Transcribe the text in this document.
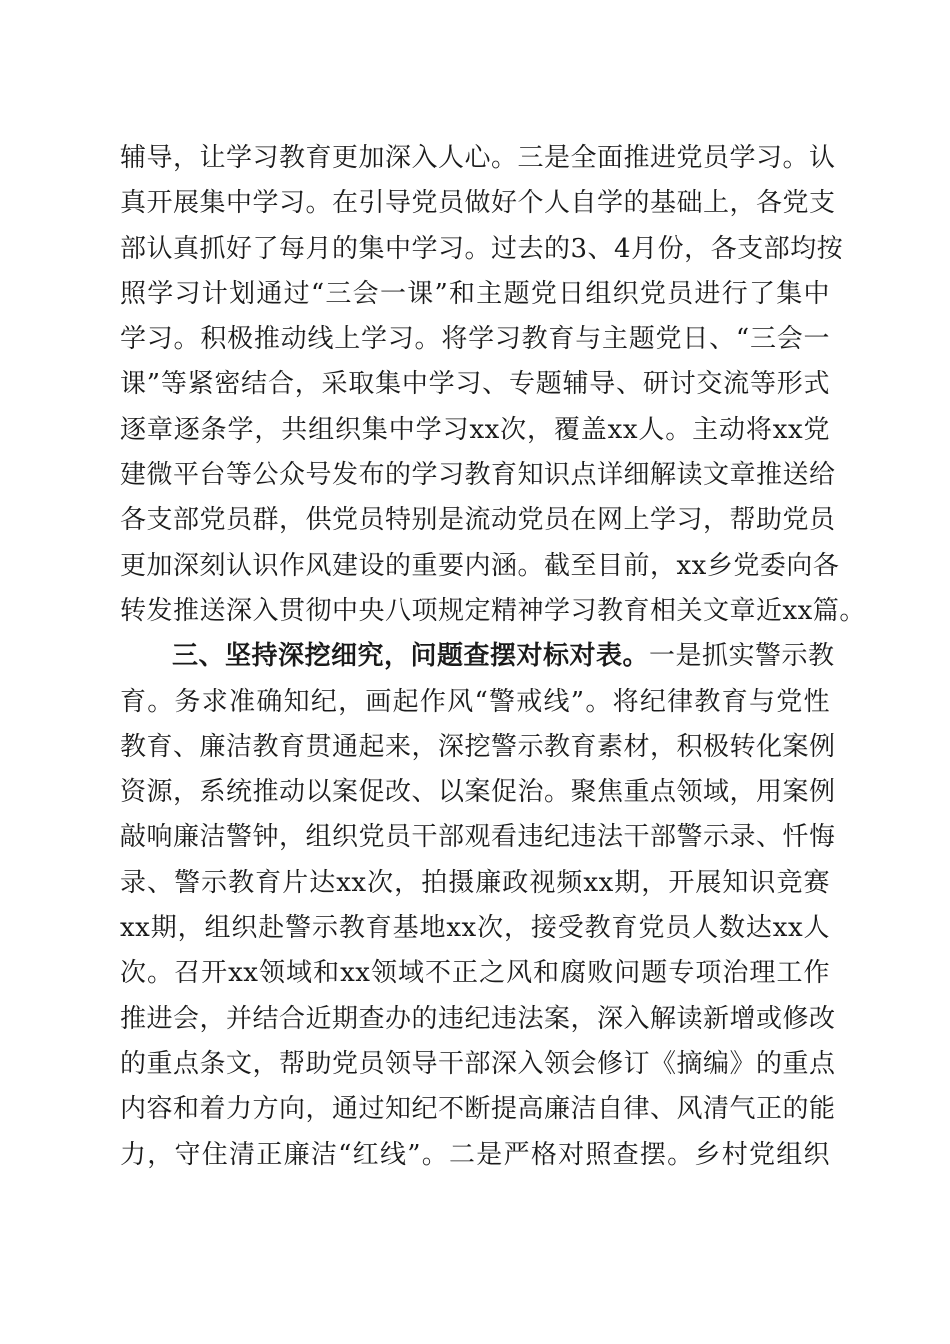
辅导，让学习教育更加深入人心。三是全面推进党员学习。认
真开展集中学习。在引导党员做好个人自学的基础上，各党支
部认真抓好了每月的集中学习。过去的3、4月份，各支部均按
照学习计划通过“三会一课”和主题党日组织党员进行了集中
学习。积极推动线上学习。将学习教育与主题党日、“三会一
课”等紧密结合，采取集中学习、专题辅导、研讨交流等形式
逐章逐条学，共组织集中学习xx次，覆盖xx人。主动将xx党
建微平台等公众号发布的学习教育知识点详细解读文章推送给
各支部党员群，供党员特别是流动党员在网上学习，帮助党员
更加深刻认识作风建设的重要内涵。截至目前，xx乡党委向各
转发推送深入贯彻中央八项规定精神学习教育相关文章近xx篇。
三、坚持深挖细究，问题查摆对标对表。一是抓实警示教
育。务求准确知纪，画起作风“警戒线”。将纪律教育与党性
教育、廉洁教育贯通起来，深挖警示教育素材，积极转化案例
资源，系统推动以案促改、以案促治。聚焦重点领域，用案例
敲响廉洁警钟，组织党员干部观看违纪违法干部警示录、忏悔
录、警示教育片达xx次，拍摄廉政视频xx期，开展知识竞赛
xx期，组织赴警示教育基地xx次，接受教育党员人数达xx人
次。召开xx领域和xx领域不正之风和腐败问题专项治理工作
推进会，并结合近期查办的违纪违法案，深入解读新增或修改
的重点条文，帮助党员领导干部深入领会修订《摘编》的重点
内容和着力方向，通过知纪不断提高廉洁自律、风清气正的能
力，守住清正廉洁“红线”。二是严格对照查摆。乡村党组织
